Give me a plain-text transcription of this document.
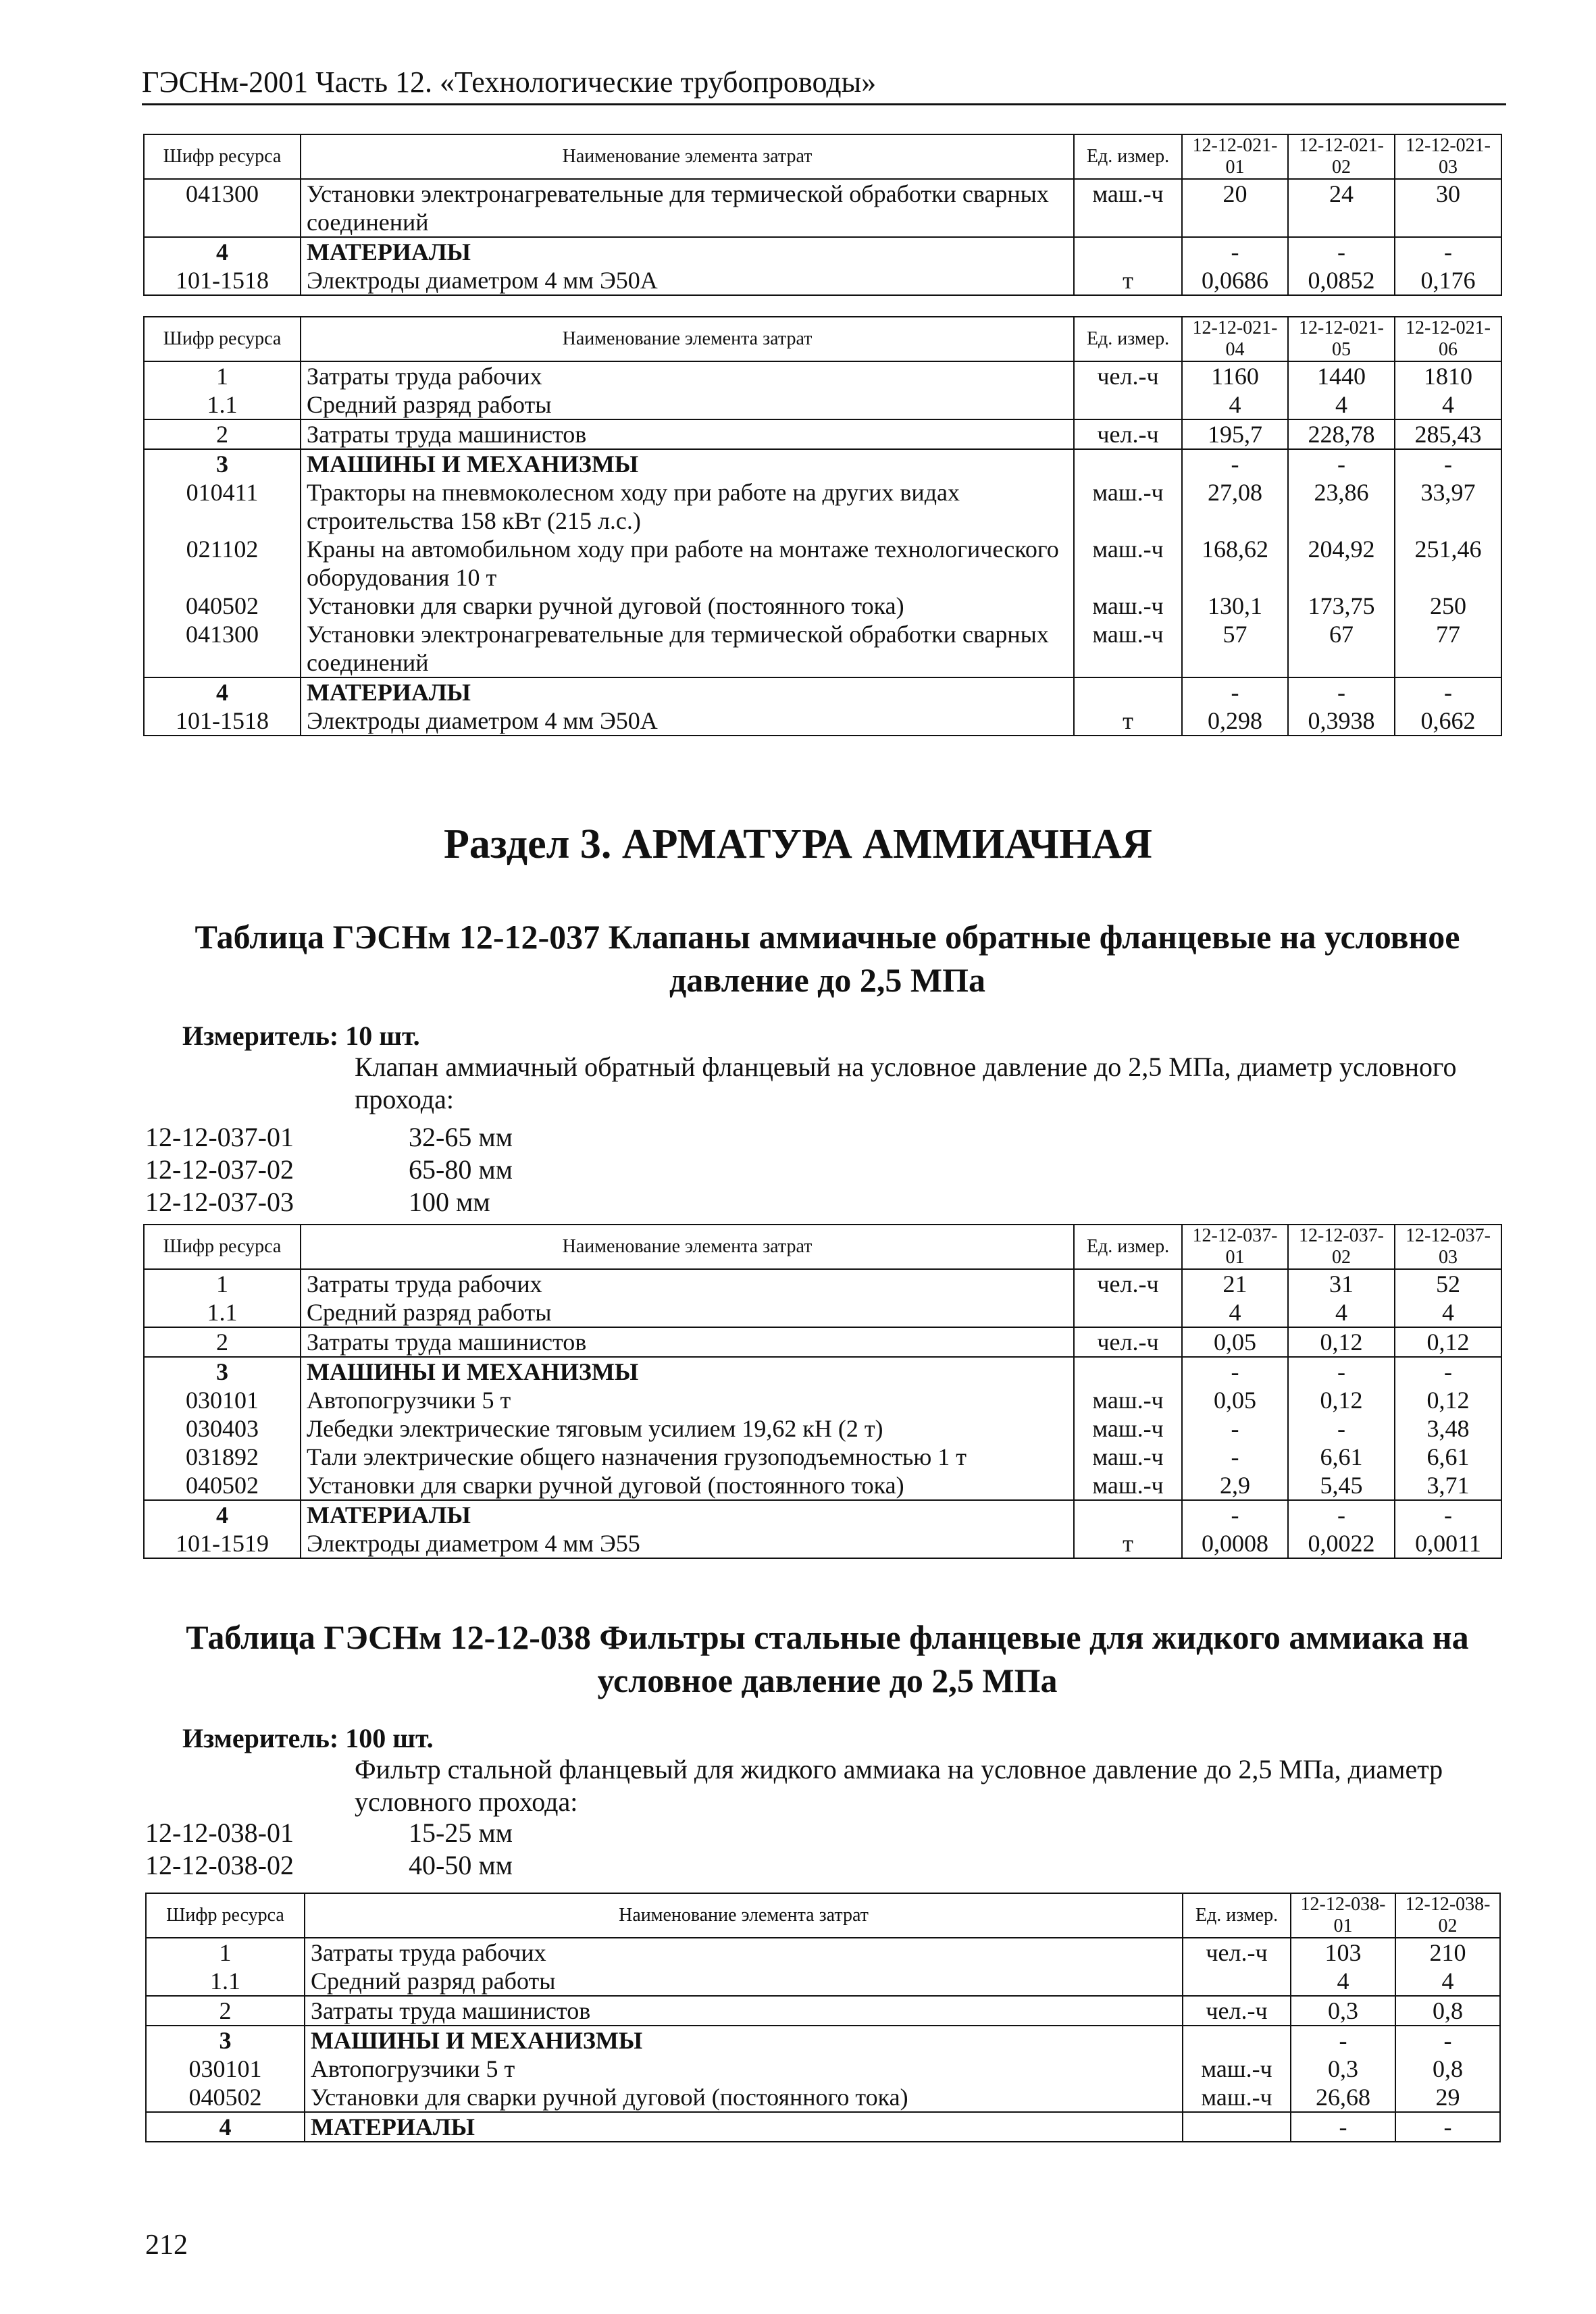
ГЭСНм-2001 Часть 12. «Технологические трубопроводы»
Шифр ресурса	Наименование элемента затрат	Ед. измер.	12-12-021-01	12-12-021-02	12-12-021-03
041300	Установки электронагревательные для термической обработки сварных соединений	маш.-ч	20	24	30
4	МАТЕРИАЛЫ		-	-	-
101-1518	Электроды диаметром 4 мм Э50А	т	0,0686	0,0852	0,176
Шифр ресурса	Наименование элемента затрат	Ед. измер.	12-12-021-04	12-12-021-05	12-12-021-06
1	Затраты труда рабочих	чел.-ч	1160	1440	1810
1.1	Средний разряд работы		4	4	4
2	Затраты труда машинистов	чел.-ч	195,7	228,78	285,43
3	МАШИНЫ И МЕХАНИЗМЫ		-	-	-
010411	Тракторы на пневмоколесном ходу при работе на других видах строительства 158 кВт (215 л.с.)	маш.-ч	27,08	23,86	33,97
021102	Краны на автомобильном ходу при работе на монтаже технологического оборудования 10 т	маш.-ч	168,62	204,92	251,46
040502	Установки для сварки ручной дуговой (постоянного тока)	маш.-ч	130,1	173,75	250
041300	Установки электронагревательные для термической обработки сварных соединений	маш.-ч	57	67	77
4	МАТЕРИАЛЫ		-	-	-
101-1518	Электроды диаметром 4 мм Э50А	т	0,298	0,3938	0,662
Раздел 3. АРМАТУРА АММИАЧНАЯ
Таблица ГЭСНм 12-12-037 Клапаны аммиачные обратные фланцевые на условное давление до 2,5 МПа
Измеритель: 10 шт.
Клапан аммиачный обратный фланцевый на условное давление до 2,5 МПа, диаметр условного прохода:
12-12-037-01	32-65 мм
12-12-037-02	65-80 мм
12-12-037-03	100 мм
Шифр ресурса	Наименование элемента затрат	Ед. измер.	12-12-037-01	12-12-037-02	12-12-037-03
1	Затраты труда рабочих	чел.-ч	21	31	52
1.1	Средний разряд работы		4	4	4
2	Затраты труда машинистов	чел.-ч	0,05	0,12	0,12
3	МАШИНЫ И МЕХАНИЗМЫ		-	-	-
030101	Автопогрузчики 5 т	маш.-ч	0,05	0,12	0,12
030403	Лебедки электрические тяговым усилием 19,62 кН (2 т)	маш.-ч	-	-	3,48
031892	Тали электрические общего назначения грузоподъемностью 1 т	маш.-ч	-	6,61	6,61
040502	Установки для сварки ручной дуговой (постоянного тока)	маш.-ч	2,9	5,45	3,71
4	МАТЕРИАЛЫ		-	-	-
101-1519	Электроды диаметром 4 мм Э55	т	0,0008	0,0022	0,0011
Таблица ГЭСНм 12-12-038 Фильтры стальные фланцевые для жидкого аммиака на условное давление до 2,5 МПа
Измеритель: 100 шт.
Фильтр стальной фланцевый для жидкого аммиака на условное давление до 2,5 МПа, диаметр условного прохода:
12-12-038-01	15-25 мм
12-12-038-02	40-50 мм
Шифр ресурса	Наименование элемента затрат	Ед. измер.	12-12-038-01	12-12-038-02
1	Затраты труда рабочих	чел.-ч	103	210
1.1	Средний разряд работы		4	4
2	Затраты труда машинистов	чел.-ч	0,3	0,8
3	МАШИНЫ И МЕХАНИЗМЫ		-	-
030101	Автопогрузчики 5 т	маш.-ч	0,3	0,8
040502	Установки для сварки ручной дуговой (постоянного тока)	маш.-ч	26,68	29
4	МАТЕРИАЛЫ		-	-
212
